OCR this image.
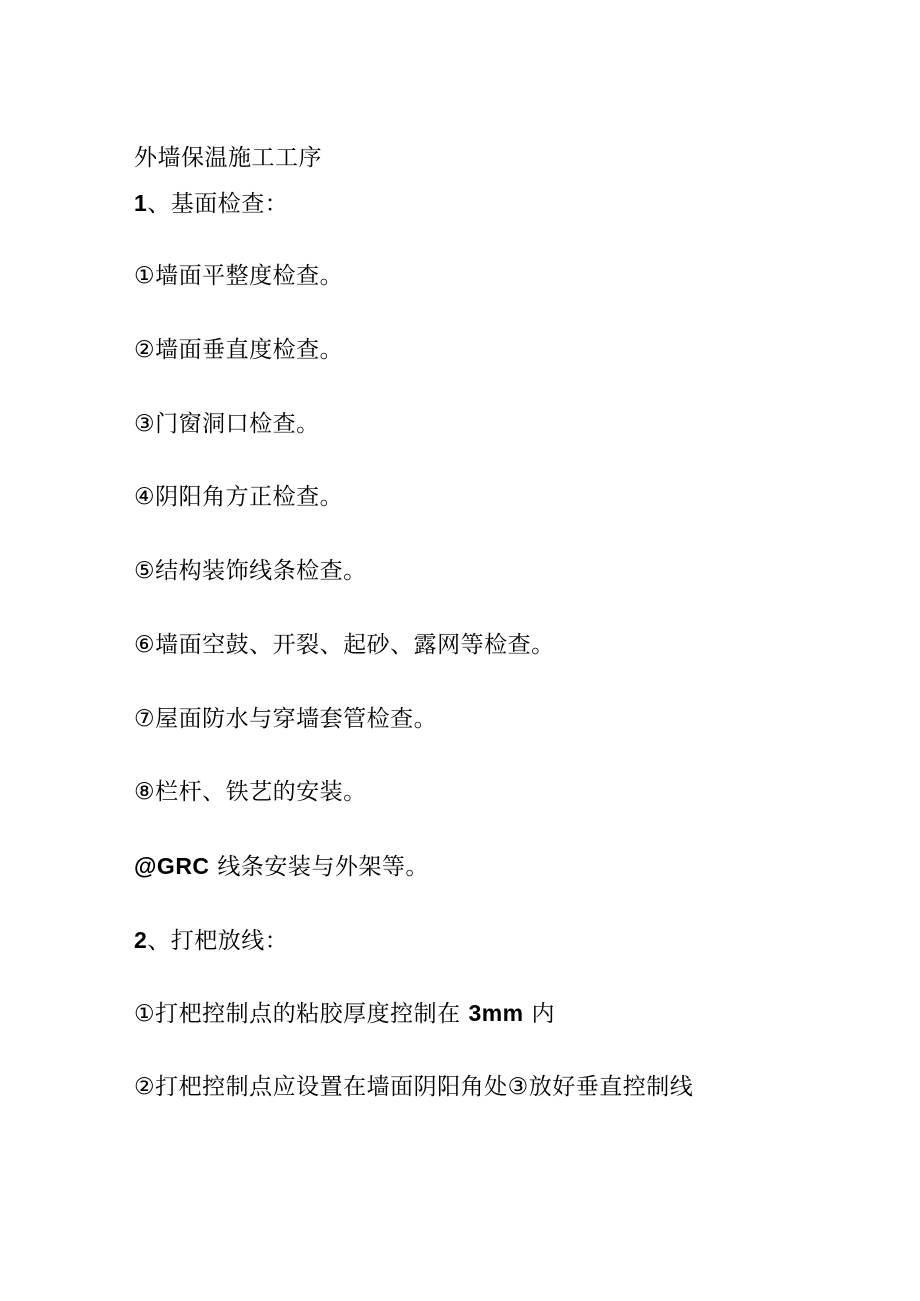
外墙保温施工工序
1、基面检查：
①墙面平整度检查。
②墙面垂直度检查。
③门窗洞口检查。
④阴阳角方正检查。
⑤结构装饰线条检查。
⑥墙面空鼓、开裂、起砂、露网等检查。
⑦屋面防水与穿墙套管检查。
⑧栏杆、铁艺的安装。
@GRC 线条安装与外架等。
2、打杷放线：
①打杷控制点的粘胶厚度控制在 3mm 内
②打杷控制点应设置在墙面阴阳角处③放好垂直控制线
